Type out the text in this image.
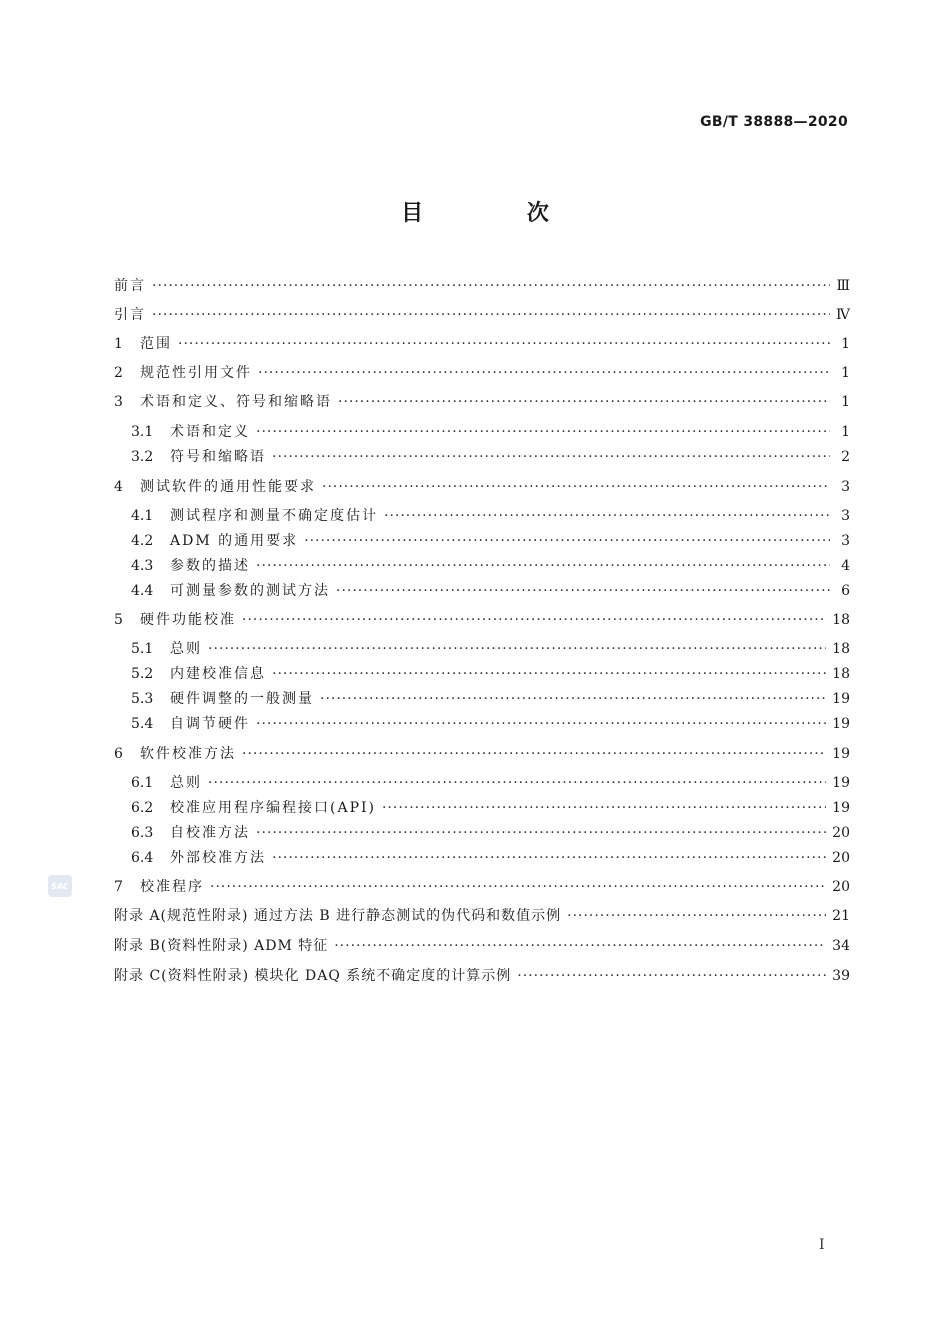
GB/T 38888—2020
目 次
前言 ·····	Ⅲ
引言 ·····	Ⅳ
1	范围 ·····	1
2	规范性引用文件 ·····	1
3	术语和定义、符号和缩略语 ·····	1
3.1	术语和定义 ·····	1
3.2	符号和缩略语 ·····	2
4	测试软件的通用性能要求 ·····	3
4.1	测试程序和测量不确定度估计 ·····	3
4.2	ADM 的通用要求 ·····	3
4.3	参数的描述 ·····	4
4.4	可测量参数的测试方法 ·····	6
5	硬件功能校准 ·····	18
5.1	总则 ·····	18
5.2	内建校准信息 ·····	18
5.3	硬件调整的一般测量 ·····	19
5.4	自调节硬件 ·····	19
6	软件校准方法 ·····	19
6.1	总则 ·····	19
6.2	校准应用程序编程接口(API) ·····	19
6.3	自校准方法 ·····	20
6.4	外部校准方法 ·····	20
7	校准程序 ·····	20
附录 A(规范性附录) 通过方法 B 进行静态测试的伪代码和数值示例 ·····	21
附录 B(资料性附录) ADM 特征 ·····	34
附录 C(资料性附录) 模块化 DAQ 系统不确定度的计算示例 ·····	39
SAC
I
